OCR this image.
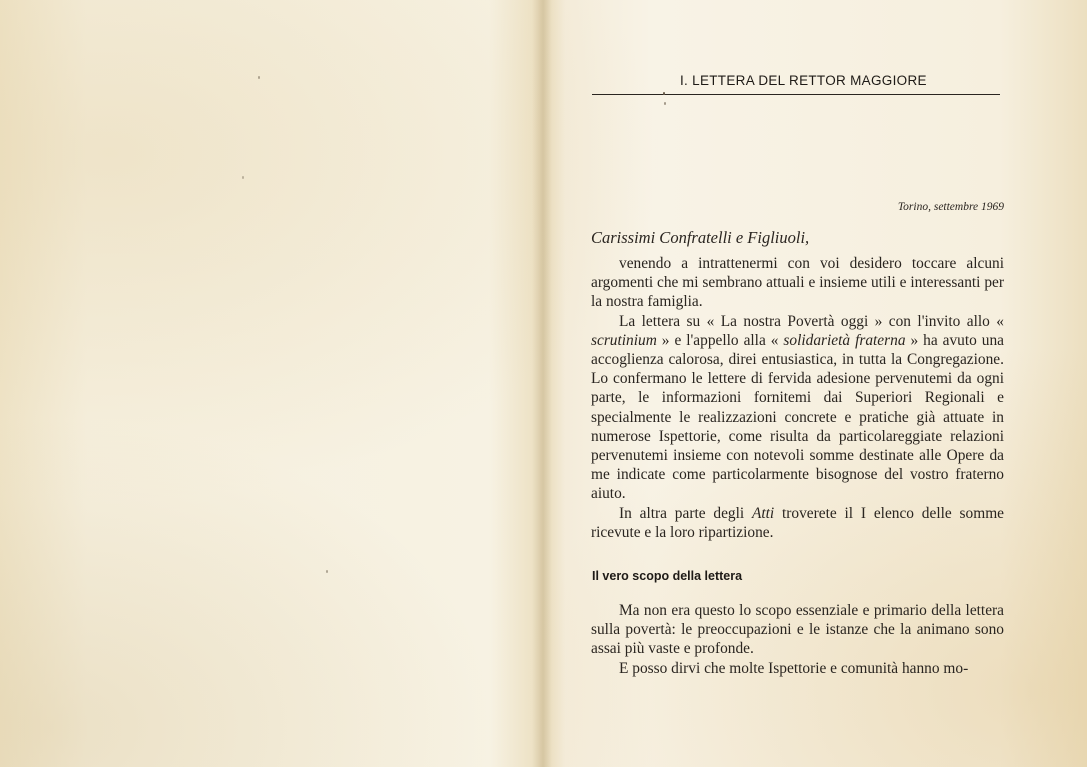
I. LETTERA DEL RETTOR MAGGIORE
Torino, settembre 1969
Carissimi Confratelli e Figliuoli,

venendo a intrattenermi con voi desidero toccare alcuni argomenti che mi sembrano attuali e insieme utili e interessanti per la nostra famiglia.

La lettera su « La nostra Povertà oggi » con l'invito allo « scrutinium » e l'appello alla « solidarietà fraterna » ha avuto una accoglienza calorosa, direi entusiastica, in tutta la Congregazione. Lo confermano le lettere di fervida adesione pervenutemi da ogni parte, le informazioni fornitemi dai Superiori Regionali e specialmente le realizzazioni concrete e pratiche già attuate in numerose Ispettorie, come risulta da particolareggiate relazioni pervenutemi insieme con notevoli somme destinate alle Opere da me indicate come particolarmente bisognose del vostro fraterno aiuto.

In altra parte degli Atti troverete il I elenco delle somme ricevute e la loro ripartizione.

Il vero scopo della lettera

Ma non era questo lo scopo essenziale e primario della lettera sulla povertà: le preoccupazioni e le istanze che la animano sono assai più vaste e profonde.

E posso dirvi che molte Ispettorie e comunità hanno mo-
